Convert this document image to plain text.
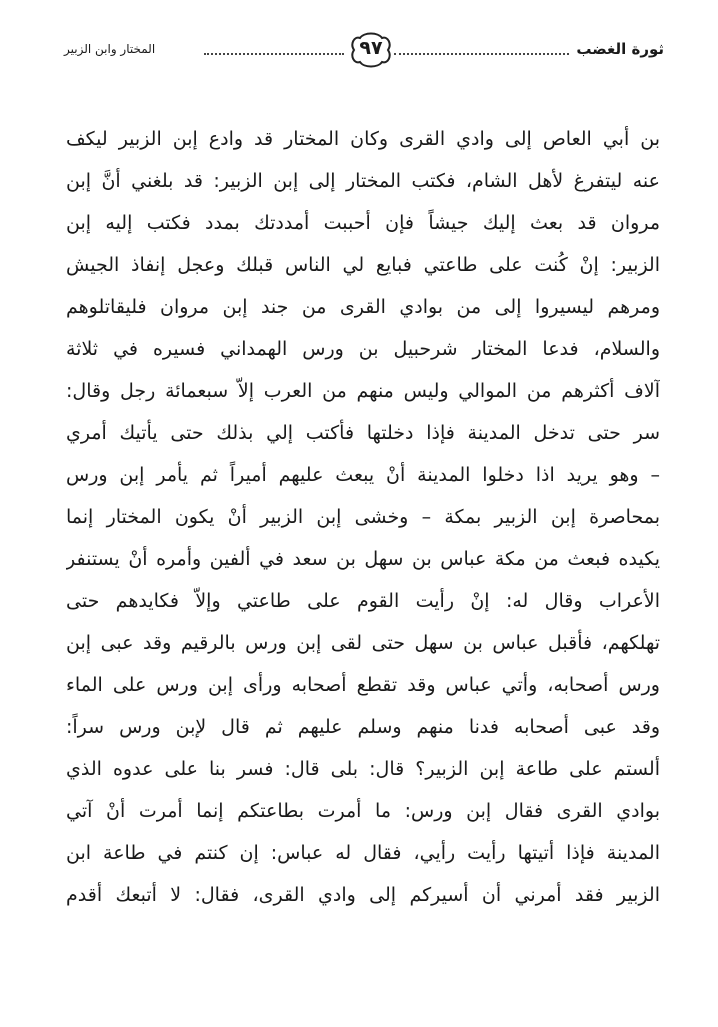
المختار وابن الزبير	٩٧	ثورة الغضب
بن أبي العاص إلى وادي القرى وكان المختار قد وادع إبن الزبير ليكف
عنه ليتفرغ لأهل الشام، فكتب المختار إلى إبن الزبير: قد بلغني أنَّ إبن
مروان قد بعث إليك جيشاً فإن أحببت أمددتك بمدد فكتب إليه إبن
الزبير: إنْ كُنت على طاعتي فبايع لي الناس قبلك وعجل إنفاذ الجيش
ومرهم ليسيروا إلى من بوادي القرى من جند إبن مروان فليقاتلوهم
والسلام، فدعا المختار شرحبيل بن ورس الهمداني فسيره في ثلاثة
آلاف أكثرهم من الموالي وليس منهم من العرب إلاّ سبعمائة رجل وقال:
سر حتى تدخل المدينة فإذا دخلتها فأكتب إلي بذلك حتى يأتيك أمري
– وهو يريد اذا دخلوا المدينة أنْ يبعث عليهم أميراً ثم يأمر إبن ورس
بمحاصرة إبن الزبير بمكة – وخشى إبن الزبير أنْ يكون المختار إنما
يكيده فبعث من مكة عباس بن سهل بن سعد في ألفين وأمره أنْ يستنفر
الأعراب وقال له: إنْ رأيت القوم على طاعتي وإلاّ فكايدهم حتى
تهلكهم، فأقبل عباس بن سهل حتى لقى إبن ورس بالرقيم وقد عبى إبن
ورس أصحابه، وأتي عباس وقد تقطع أصحابه ورأى إبن ورس على الماء
وقد عبى أصحابه فدنا منهم وسلم عليهم ثم قال لإبن ورس سراً:
ألستم على طاعة إبن الزبير؟ قال: بلى قال: فسر بنا على عدوه الذي
بوادي القرى فقال إبن ورس: ما أمرت بطاعتكم إنما أمرت أنْ آتي
المدينة فإذا أتيتها رأيت رأيي، فقال له عباس: إن كنتم في طاعة ابن
الزبير فقد أمرني أن أسيركم إلى وادي القرى، فقال: لا أتبعك أقدم
